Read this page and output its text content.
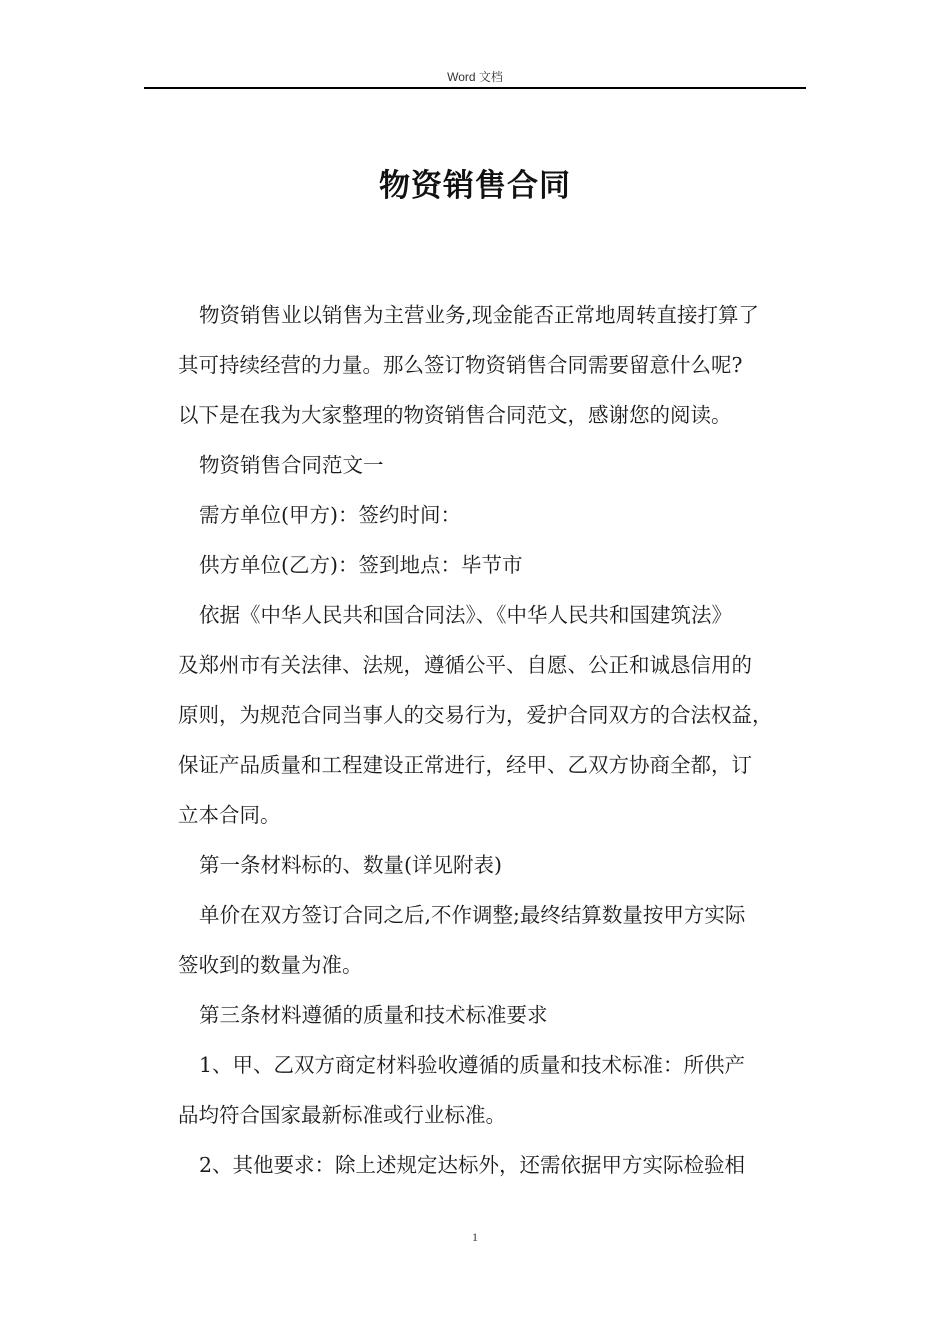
Word 文档
物资销售合同

物资销售业以销售为主营业务,现金能否正常地周转直接打算了

其可持续经营的力量。那么签订物资销售合同需要留意什么呢?

以下是在我为大家整理的物资销售合同范文，感谢您的阅读。

物资销售合同范文一

需方单位(甲方)：签约时间：

供方单位(乙方)：签到地点：毕节市

依据《中华人民共和国合同法》、《中华人民共和国建筑法》

及郑州市有关法律、法规，遵循公平、自愿、公正和诚恳信用的

原则，为规范合同当事人的交易行为，爱护合同双方的合法权益，

保证产品质量和工程建设正常进行，经甲、乙双方协商全都，订

立本合同。

第一条材料标的、数量(详见附表)

单价在双方签订合同之后,不作调整;最终结算数量按甲方实际

签收到的数量为准。

第三条材料遵循的质量和技术标准要求

1、甲、乙双方商定材料验收遵循的质量和技术标准：所供产

品均符合国家最新标准或行业标准。

2、其他要求：除上述规定达标外，还需依据甲方实际检验相

1
